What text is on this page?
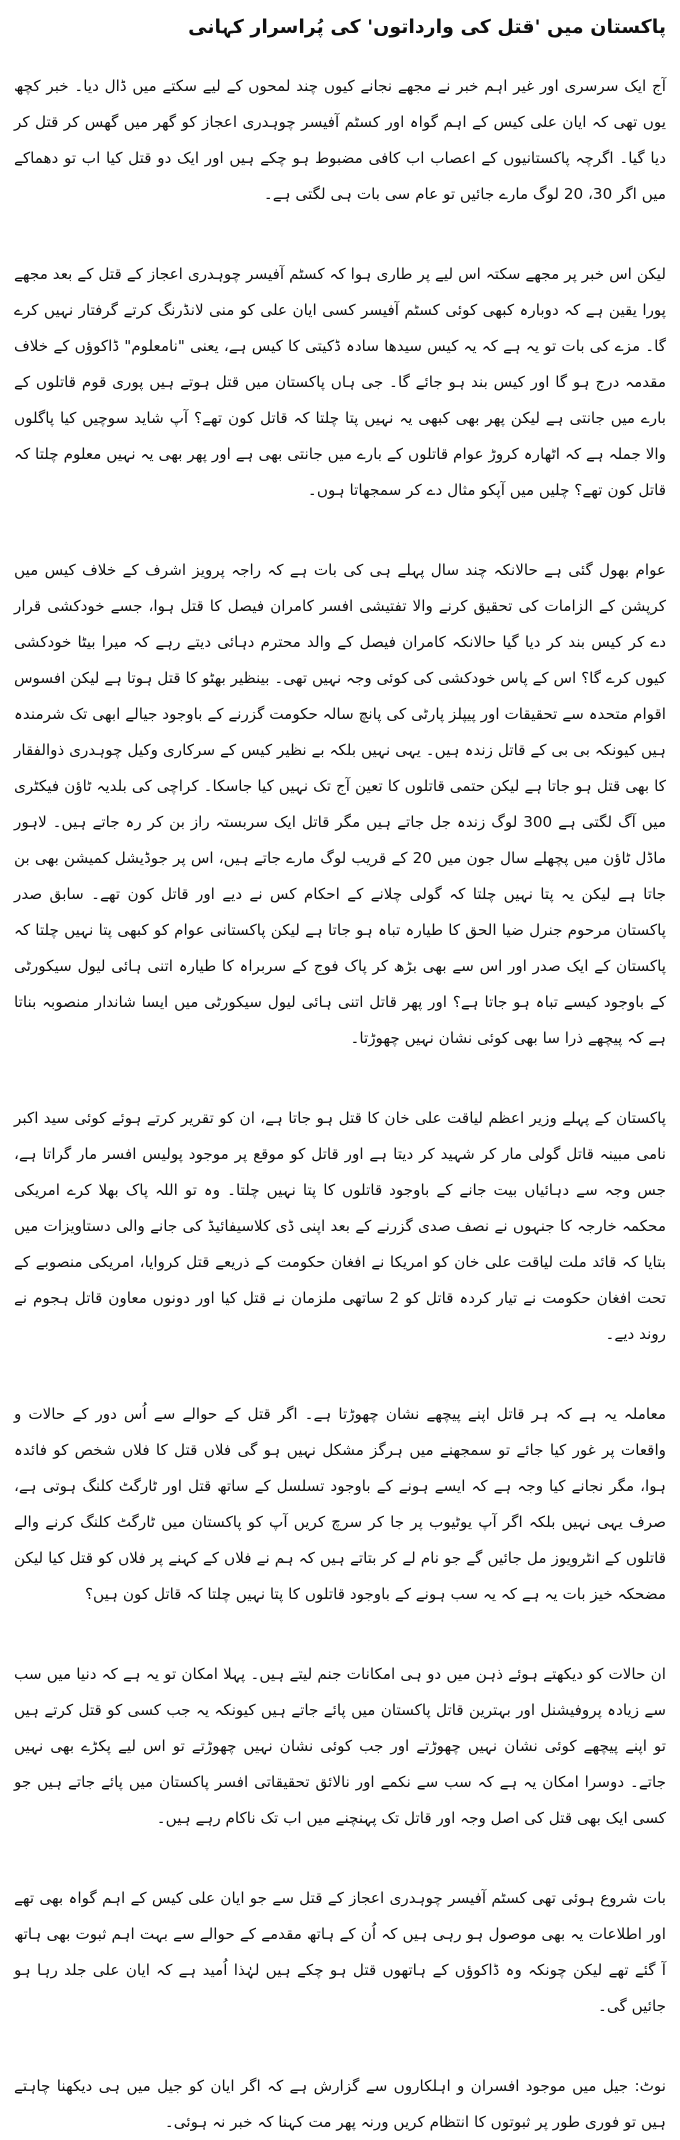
پاکستان میں 'قتل کی وارداتوں' کی پُراسرار کہانی

آج ایک سرسری اور غیر اہم خبر نے مجھے نجانے کیوں چند لمحوں کے لیے سکتے میں ڈال دیا۔ خبر کچھ یوں تھی کہ ایان علی کیس کے اہم گواہ اور کسٹم آفیسر چوہدری اعجاز کو گھر میں گھس کر قتل کر دیا گیا۔ اگرچہ پاکستانیوں کے اعصاب اب کافی مضبوط ہو چکے ہیں اور ایک دو قتل کیا اب تو دھماکے میں اگر 30، 20 لوگ مارے جائیں تو عام سی بات ہی لگتی ہے۔

لیکن اس خبر پر مجھے سکتہ اس لیے پر طاری ہوا کہ کسٹم آفیسر چوہدری اعجاز کے قتل کے بعد مجھے پورا یقین ہے کہ دوبارہ کبھی کوئی کسٹم آفیسر کسی ایان علی کو منی لانڈرنگ کرتے گرفتار نہیں کرے گا۔ مزے کی بات تو یہ ہے کہ یہ کیس سیدھا سادہ ڈکیتی کا کیس ہے، یعنی "نامعلوم" ڈاکوؤں کے خلاف مقدمہ درج ہو گا اور کیس بند ہو جائے گا۔ جی ہاں پاکستان میں قتل ہوتے ہیں پوری قوم قاتلوں کے بارے میں جانتی ہے لیکن پھر بھی کبھی یہ نہیں پتا چلتا کہ قاتل کون تھے؟ آپ شاید سوچیں کیا پاگلوں والا جملہ ہے کہ اٹھارہ کروڑ عوام قاتلوں کے بارے میں جانتی بھی ہے اور پھر بھی یہ نہیں معلوم چلتا کہ قاتل کون تھے؟ چلیں میں آپکو مثال دے کر سمجھاتا ہوں۔

عوام بھول گئی ہے حالانکہ چند سال پہلے ہی کی بات ہے کہ راجہ پرویز اشرف کے خلاف کیس میں کرپشن کے الزامات کی تحقیق کرنے والا تفتیشی افسر کامران فیصل کا قتل ہوا، جسے خودکشی قرار دے کر کیس بند کر دیا گیا حالانکہ کامران فیصل کے والد محترم دہائی دیتے رہے کہ میرا بیٹا خودکشی کیوں کرے گا؟ اس کے پاس خودکشی کی کوئی وجہ نہیں تھی۔ بینظیر بھٹو کا قتل ہوتا ہے لیکن افسوس اقوام متحدہ سے تحقیقات اور پیپلز پارٹی کی پانچ سالہ حکومت گزرنے کے باوجود جیالے ابھی تک شرمندہ ہیں کیونکہ بی بی کے قاتل زندہ ہیں۔ یہی نہیں بلکہ بے نظیر کیس کے سرکاری وکیل چوہدری ذوالفقار کا بھی قتل ہو جاتا ہے لیکن حتمی قاتلوں کا تعین آج تک نہیں کیا جاسکا۔ کراچی کی بلدیہ ٹاؤن فیکٹری میں آگ لگتی ہے 300 لوگ زندہ جل جاتے ہیں مگر قاتل ایک سربستہ راز بن کر رہ جاتے ہیں۔ لاہور ماڈل ٹاؤن میں پچھلے سال جون میں 20 کے قریب لوگ مارے جاتے ہیں، اس پر جوڈیشل کمیشن بھی بن جاتا ہے لیکن یہ پتا نہیں چلتا کہ گولی چلانے کے احکام کس نے دیے اور قاتل کون تھے۔ سابق صدر پاکستان مرحوم جنرل ضیا الحق کا طیارہ تباہ ہو جاتا ہے لیکن پاکستانی عوام کو کبھی پتا نہیں چلتا کہ پاکستان کے ایک صدر اور اس سے بھی بڑھ کر پاک فوج کے سربراہ کا طیارہ اتنی ہائی لیول سیکورٹی کے باوجود کیسے تباہ ہو جاتا ہے؟ اور پھر قاتل اتنی ہائی لیول سیکورٹی میں ایسا شاندار منصوبہ بناتا ہے کہ پیچھے ذرا سا بھی کوئی نشان نہیں چھوڑتا۔

پاکستان کے پہلے وزیر اعظم لیاقت علی خان کا قتل ہو جاتا ہے، ان کو تقریر کرتے ہوئے کوئی سید اکبر نامی مبینہ قاتل گولی مار کر شہید کر دیتا ہے اور قاتل کو موقع پر موجود پولیس افسر مار گراتا ہے، جس وجہ سے دہائیاں بیت جانے کے باوجود قاتلوں کا پتا نہیں چلتا۔ وہ تو اللہ پاک بھلا کرے امریکی محکمہ خارجہ کا جنہوں نے نصف صدی گزرنے کے بعد اپنی ڈی کلاسیفائیڈ کی جانے والی دستاویزات میں بتایا کہ قائد ملت لیاقت علی خان کو امریکا نے افغان حکومت کے ذریعے قتل کروایا، امریکی منصوبے کے تحت افغان حکومت نے تیار کردہ قاتل کو 2 ساتھی ملزمان نے قتل کیا اور دونوں معاون قاتل ہجوم نے روند دیے۔

معاملہ یہ ہے کہ ہر قاتل اپنے پیچھے نشان چھوڑتا ہے۔ اگر قتل کے حوالے سے اُس دور کے حالات و واقعات پر غور کیا جائے تو سمجھنے میں ہرگز مشکل نہیں ہو گی فلاں قتل کا فلاں شخص کو فائدہ ہوا، مگر نجانے کیا وجہ ہے کہ ایسے ہونے کے باوجود تسلسل کے ساتھ قتل اور ٹارگٹ کلنگ ہوتی ہے، صرف یہی نہیں بلکہ اگر آپ یوٹیوب پر جا کر سرچ کریں آپ کو پاکستان میں ٹارگٹ کلنگ کرنے والے قاتلوں کے انٹرویوز مل جائیں گے جو نام لے کر بتاتے ہیں کہ ہم نے فلاں کے کہنے پر فلاں کو قتل کیا لیکن مضحکہ خیز بات یہ ہے کہ یہ سب ہونے کے باوجود قاتلوں کا پتا نہیں چلتا کہ قاتل کون ہیں؟

ان حالات کو دیکھتے ہوئے ذہن میں دو ہی امکانات جنم لیتے ہیں۔ پہلا امکان تو یہ ہے کہ دنیا میں سب سے زیادہ پروفیشنل اور بہترین قاتل پاکستان میں پائے جاتے ہیں کیونکہ یہ جب کسی کو قتل کرتے ہیں تو اپنے پیچھے کوئی نشان نہیں چھوڑتے اور جب کوئی نشان نہیں چھوڑتے تو اس لیے پکڑے بھی نہیں جاتے۔ دوسرا امکان یہ ہے کہ سب سے نکمے اور نالائق تحقیقاتی افسر پاکستان میں پائے جاتے ہیں جو کسی ایک بھی قتل کی اصل وجہ اور قاتل تک پہنچنے میں اب تک ناکام رہے ہیں۔

بات شروع ہوئی تھی کسٹم آفیسر چوہدری اعجاز کے قتل سے جو ایان علی کیس کے اہم گواہ بھی تھے اور اطلاعات یہ بھی موصول ہو رہی ہیں کہ اُن کے ہاتھ مقدمے کے حوالے سے بہت اہم ثبوت بھی ہاتھ آ گئے تھے لیکن چونکہ وہ ڈاکوؤں کے ہاتھوں قتل ہو چکے ہیں لہٰذا اُمید ہے کہ ایان علی جلد رہا ہو جائیں گی۔

نوٹ: جیل میں موجود افسران و اہلکاروں سے گزارش ہے کہ اگر ایان کو جیل میں ہی دیکھنا چاہتے ہیں تو فوری طور پر ثبوتوں کا انتظام کریں ورنہ پھر مت کہنا کہ خبر نہ ہوئی۔
